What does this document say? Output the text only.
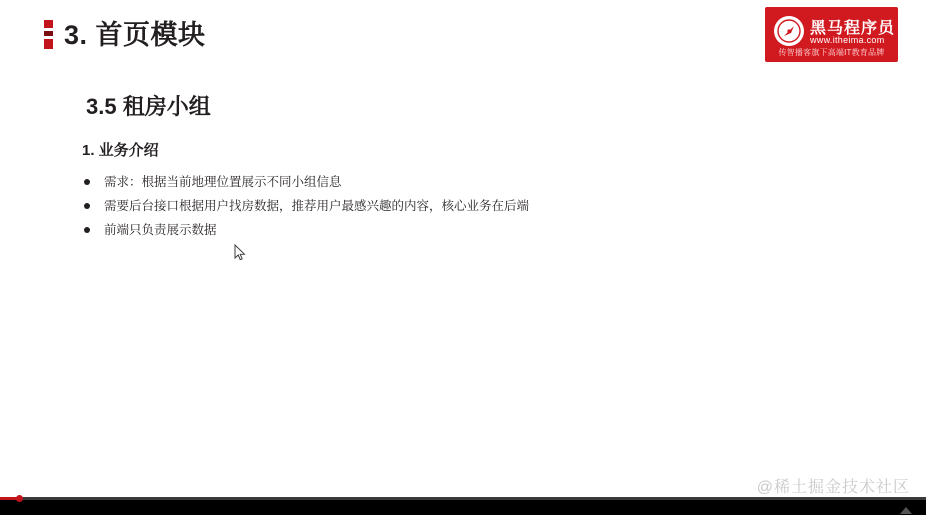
3. 首页模块	黑马程序员
www.itheima.com
传智播客旗下高端IT教育品牌
3.5 租房小组
1. 业务介绍
需求：根据当前地理位置展示不同小组信息
需要后台接口根据用户找房数据，推荐用户最感兴趣的内容，核心业务在后端
前端只负责展示数据
@稀土掘金技术社区
